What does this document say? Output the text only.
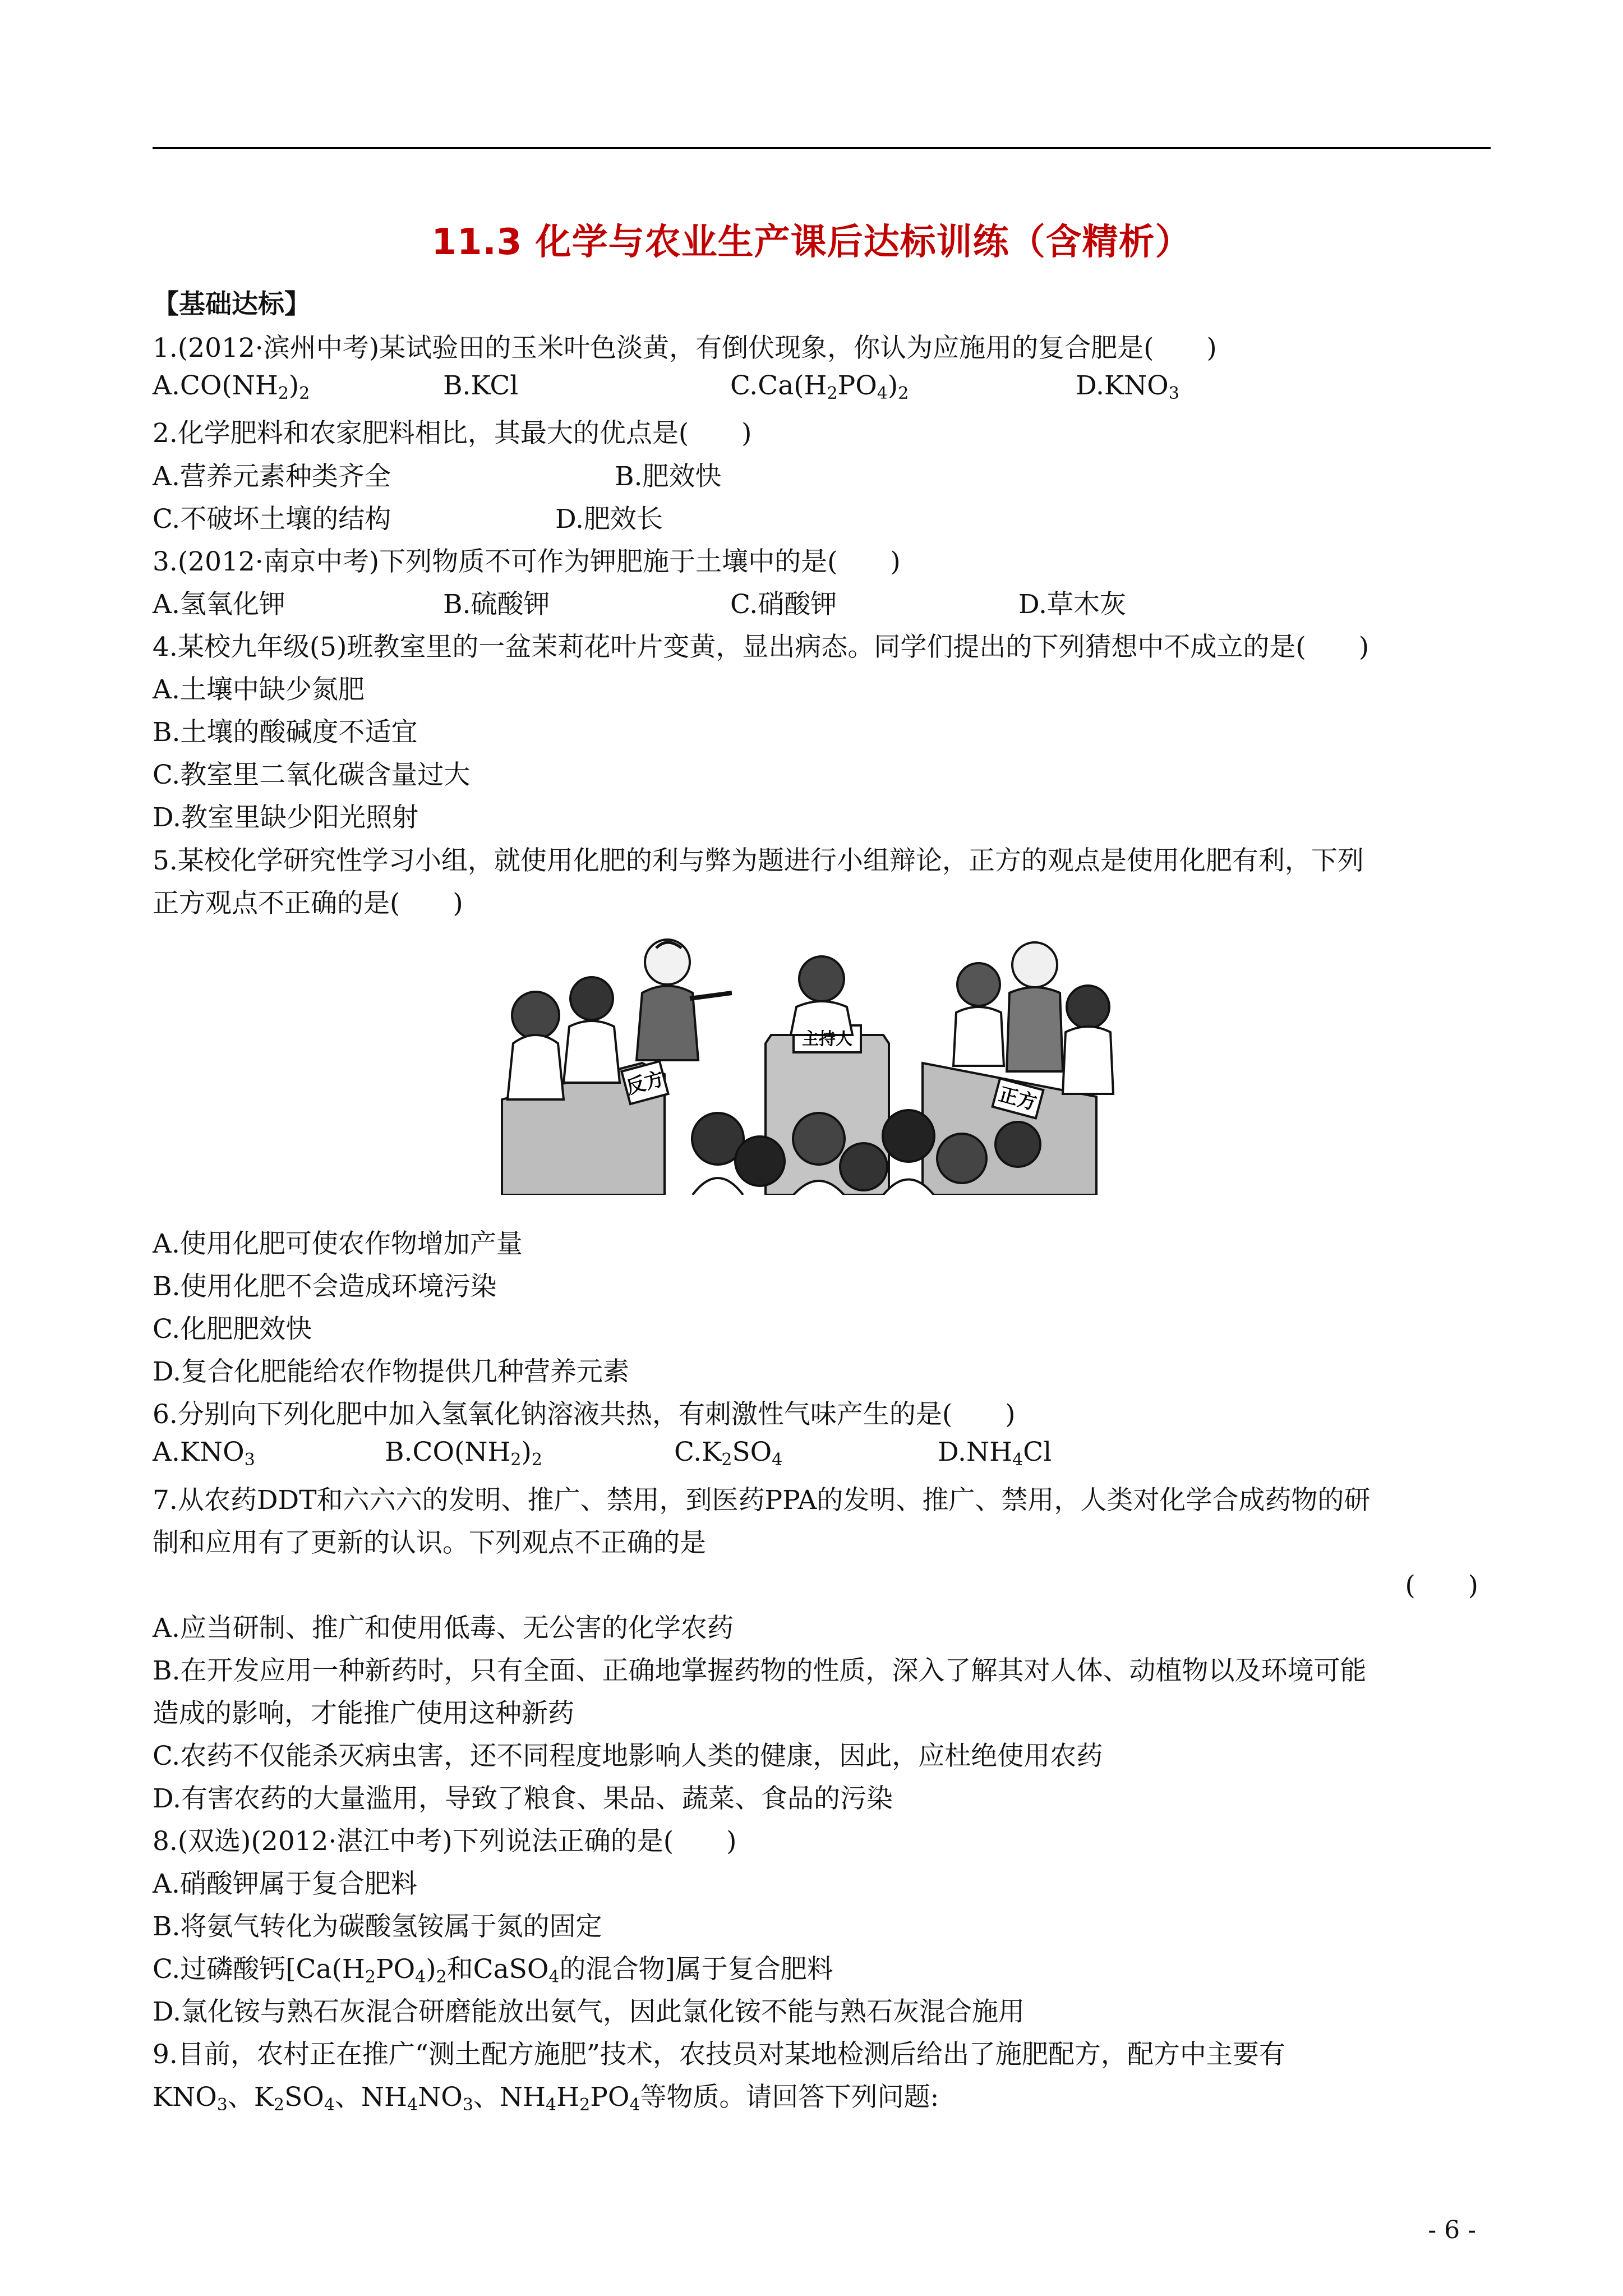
11.3 化学与农业生产课后达标训练（含精析）
【基础达标】
1.(2012·滨州中考)某试验田的玉米叶色淡黄，有倒伏现象，你认为应施用的复合肥是(　　)
$A.CO(NH_2)_2$	B.KCl	$C.Ca(H_2PO_4)_2$	$D.KNO_3$
2.化学肥料和农家肥料相比，其最大的优点是(　　)
A.营养元素种类齐全	B.肥效快
C.不破坏土壤的结构	D.肥效长
3.(2012·南京中考)下列物质不可作为钾肥施于土壤中的是(　　)
A.氢氧化钾	B.硫酸钾	C.硝酸钾	D.草木灰
4.某校九年级(5)班教室里的一盆茉莉花叶片变黄，显出病态。同学们提出的下列猜想中不成立的是(　　)
A.土壤中缺少氮肥
B.土壤的酸碱度不适宜
C.教室里二氧化碳含量过大
D.教室里缺少阳光照射
5.某校化学研究性学习小组，就使用化肥的利与弊为题进行小组辩论，正方的观点是使用化肥有利，下列
正方观点不正确的是(　　)
主持人
反方	正方
A.使用化肥可使农作物增加产量
B.使用化肥不会造成环境污染
C.化肥肥效快
D.复合化肥能给农作物提供几种营养元素
6.分别向下列化肥中加入氢氧化钠溶液共热，有刺激性气味产生的是(　　)
$A.KNO_3$	$B.CO(NH_2)_2$	$C.K_2SO_4$	$D.NH_4Cl$
7.从农药DDT和六六六的发明、推广、禁用，到医药PPA的发明、推广、禁用，人类对化学合成药物的研
制和应用有了更新的认识。下列观点不正确的是
(　　)
A.应当研制、推广和使用低毒、无公害的化学农药
B.在开发应用一种新药时，只有全面、正确地掌握药物的性质，深入了解其对人体、动植物以及环境可能
造成的影响，才能推广使用这种新药
C.农药不仅能杀灭病虫害，还不同程度地影响人类的健康，因此，应杜绝使用农药
D.有害农药的大量滥用，导致了粮食、果品、蔬菜、食品的污染
8.(双选)(2012·湛江中考)下列说法正确的是(　　)
A.硝酸钾属于复合肥料
B.将氨气转化为碳酸氢铵属于氮的固定
C.过磷酸钙[$Ca(H_2PO_4)_2$和CaSO$_4$的混合物]属于复合肥料
D.氯化铵与熟石灰混合研磨能放出氨气，因此氯化铵不能与熟石灰混合施用
9.目前，农村正在推广“测土配方施肥”技术，农技员对某地检测后给出了施肥配方，配方中主要有
$KNO_3$、$K_2SO_4$、$NH_4NO_3$、$NH_4H_2PO_4$等物质。请回答下列问题:
- 6 -
